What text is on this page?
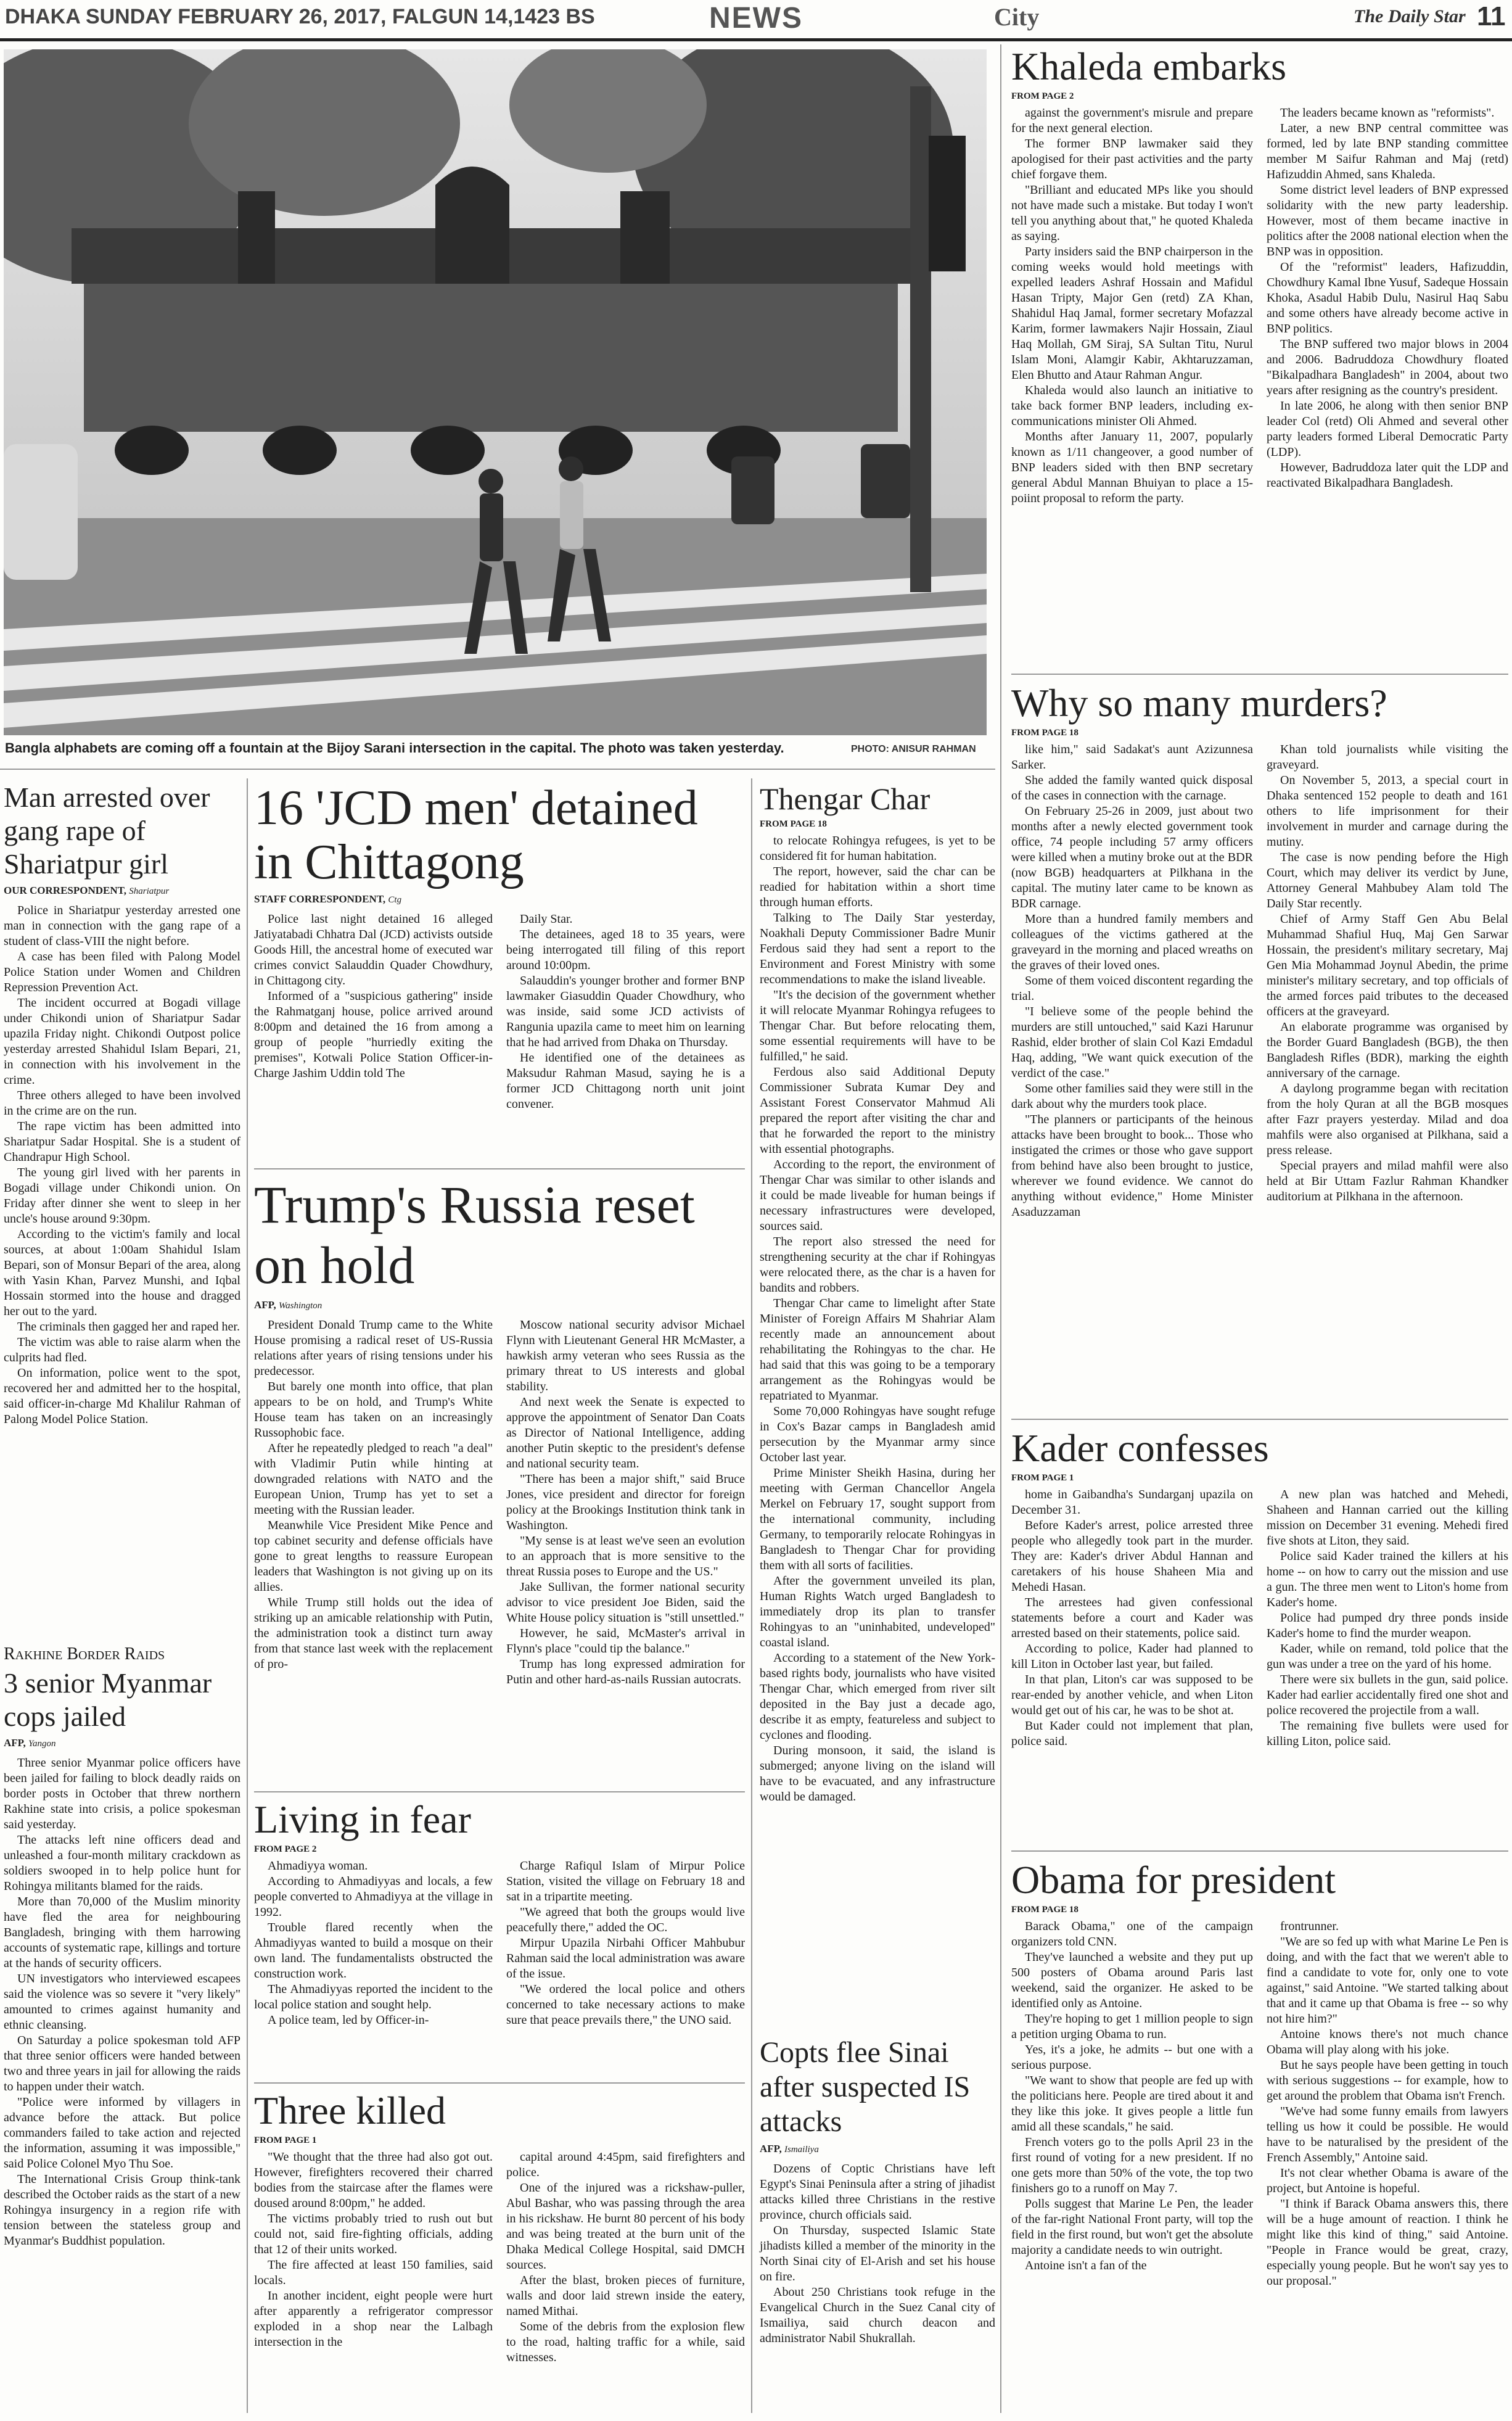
DHAKA SUNDAY FEBRUARY 26, 2017, FALGUN 14,1423 BS	NEWS	City	The Daily Star 11
Bangla alphabets are coming off a fountain at the Bijoy Sarani intersection in the capital. The photo was taken yesterday.	PHOTO: ANISUR RAHMAN
Khaleda embarks
FROM PAGE 2

against the government's misrule and prepare for the next general election.

The former BNP lawmaker said they apologised for their past activities and the party chief forgave them.

"Brilliant and educated MPs like you should not have made such a mistake. But today I won't tell you anything about that," he quoted Khaleda as saying.

Party insiders said the BNP chairperson in the coming weeks would hold meetings with expelled leaders Ashraf Hossain and Mafidul Hasan Tripty, Major Gen (retd) ZA Khan, Shahidul Haq Jamal, former secretary Mofazzal Karim, former lawmakers Najir Hossain, Ziaul Haq Mollah, GM Siraj, SA Sultan Titu, Nurul Islam Moni, Alamgir Kabir, Akhtaruzzaman, Elen Bhutto and Ataur Rahman Angur.

Khaleda would also launch an initiative to take back former BNP leaders, including ex-communications minister Oli Ahmed.

Months after January 11, 2007, popularly known as 1/11 changeover, a good number of BNP leaders sided with then BNP secretary general Abdul Mannan Bhuiyan to place a 15-poiint proposal to reform the party.

The leaders became known as "reformists".

Later, a new BNP central committee was formed, led by late BNP standing committee member M Saifur Rahman and Maj (retd) Hafizuddin Ahmed, sans Khaleda.

Some district level leaders of BNP expressed solidarity with the new party leadership. However, most of them became inactive in politics after the 2008 national election when the BNP was in opposition.

Of the "reformist" leaders, Hafizuddin, Chowdhury Kamal Ibne Yusuf, Sadeque Hossain Khoka, Asadul Habib Dulu, Nasirul Haq Sabu and some others have already become active in BNP politics.

The BNP suffered two major blows in 2004 and 2006. Badruddoza Chowdhury floated "Bikalpadhara Bangladesh" in 2004, about two years after resigning as the country's president.

In late 2006, he along with then senior BNP leader Col (retd) Oli Ahmed and several other party leaders formed Liberal Democratic Party (LDP).

However, Badruddoza later quit the LDP and reactivated Bikalpadhara Bangladesh.

Why so many murders?
FROM PAGE 18

like him," said Sadakat's aunt Azizunnesa Sarker.

She added the family wanted quick disposal of the cases in connection with the carnage.

On February 25-26 in 2009, just about two months after a newly elected government took office, 74 people including 57 army officers were killed when a mutiny broke out at the BDR (now BGB) headquarters at Pilkhana in the capital. The mutiny later came to be known as BDR carnage.

More than a hundred family members and colleagues of the victims gathered at the graveyard in the morning and placed wreaths on the graves of their loved ones.

Some of them voiced discontent regarding the trial.

"I believe some of the people behind the murders are still untouched," said Kazi Harunur Rashid, elder brother of slain Col Kazi Emdadul Haq, adding, "We want quick execution of the verdict of the case."

Some other families said they were still in the dark about why the murders took place.

"The planners or participants of the heinous attacks have been brought to book... Those who instigated the crimes or those who gave support from behind have also been brought to justice, wherever we found evidence. We cannot do anything without evidence," Home Minister Asaduzzaman

Khan told journalists while visiting the graveyard.

On November 5, 2013, a special court in Dhaka sentenced 152 people to death and 161 others to life imprisonment for their involvement in murder and carnage during the mutiny.

The case is now pending before the High Court, which may deliver its verdict by June, Attorney General Mahbubey Alam told The Daily Star recently.

Chief of Army Staff Gen Abu Belal Muhammad Shafiul Huq, Maj Gen Sarwar Hossain, the president's military secretary, Maj Gen Mia Mohammad Joynul Abedin, the prime minister's military secretary, and top officials of the armed forces paid tributes to the deceased officers at the graveyard.

An elaborate programme was organised by the Border Guard Bangladesh (BGB), the then Bangladesh Rifles (BDR), marking the eighth anniversary of the carnage.

A daylong programme began with recitation from the holy Quran at all the BGB mosques after Fazr prayers yesterday. Milad and doa mahfils were also organised at Pilkhana, said a press release.

Special prayers and milad mahfil were also held at Bir Uttam Fazlur Rahman Khandker auditorium at Pilkhana in the afternoon.

Kader confesses
FROM PAGE 1

home in Gaibandha's Sundarganj upazila on December 31.

Before Kader's arrest, police arrested three people who allegedly took part in the murder. They are: Kader's driver Abdul Hannan and caretakers of his house Shaheen Mia and Mehedi Hasan.

The arrestees had given confessional statements before a court and Kader was arrested based on their statements, police said.

According to police, Kader had planned to kill Liton in October last year, but failed.

In that plan, Liton's car was supposed to be rear-ended by another vehicle, and when Liton would get out of his car, he was to be shot at.

But Kader could not implement that plan, police said.

A new plan was hatched and Mehedi, Shaheen and Hannan carried out the killing mission on December 31 evening. Mehedi fired five shots at Liton, they said.

Police said Kader trained the killers at his home -- on how to carry out the mission and use a gun. The three men went to Liton's home from Kader's home.

Police had pumped dry three ponds inside Kader's home to find the murder weapon.

Kader, while on remand, told police that the gun was under a tree on the yard of his home.

There were six bullets in the gun, said police. Kader had earlier accidentally fired one shot and police recovered the projectile from a wall.

The remaining five bullets were used for killing Liton, police said.

Obama for president
FROM PAGE 18

Barack Obama," one of the campaign organizers told CNN.

They've launched a website and they put up 500 posters of Obama around Paris last weekend, said the organizer. He asked to be identified only as Antoine.

They're hoping to get 1 million people to sign a petition urging Obama to run.

Yes, it's a joke, he admits -- but one with a serious purpose.

"We want to show that people are fed up with the politicians here. People are tired about it and they like this joke. It gives people a little fun amid all these scandals," he said.

French voters go to the polls April 23 in the first round of voting for a new president. If no one gets more than 50% of the vote, the top two finishers go to a runoff on May 7.

Polls suggest that Marine Le Pen, the leader of the far-right National Front party, will top the field in the first round, but won't get the absolute majority a candidate needs to win outright.

Antoine isn't a fan of the

frontrunner.

"We are so fed up with what Marine Le Pen is doing, and with the fact that we weren't able to find a candidate to vote for, only one to vote against," said Antoine. "We started talking about that and it came up that Obama is free -- so why not hire him?"

Antoine knows there's not much chance Obama will play along with his joke.

But he says people have been getting in touch with serious suggestions -- for example, how to get around the problem that Obama isn't French.

"We've had some funny emails from lawyers telling us how it could be possible. He would have to be naturalised by the president of the French Assembly," Antoine said.

It's not clear whether Obama is aware of the project, but Antoine is hopeful.

"I think if Barack Obama answers this, there will be a huge amount of reaction. I think he might like this kind of thing," said Antoine. "People in France would be great, crazy, especially young people. But he won't say yes to our proposal."

Man arrested over gang rape of Shariatpur girl
OUR CORRESPONDENT, Shariatpur

Police in Shariatpur yesterday arrested one man in connection with the gang rape of a student of class-VIII the night before.

A case has been filed with Palong Model Police Station under Women and Children Repression Prevention Act.

The incident occurred at Bogadi village under Chikondi union of Shariatpur Sadar upazila Friday night. Chikondi Outpost police yesterday arrested Shahidul Islam Bepari, 21, in connection with his involvement in the crime.

Three others alleged to have been involved in the crime are on the run.

The rape victim has been admitted into Shariatpur Sadar Hospital. She is a student of Chandrapur High School.

The young girl lived with her parents in Bogadi village under Chikondi union. On Friday after dinner she went to sleep in her uncle's house around 9:30pm.

According to the victim's family and local sources, at about 1:00am Shahidul Islam Bepari, son of Monsur Bepari of the area, along with Yasin Khan, Parvez Munshi, and Iqbal Hossain stormed into the house and dragged her out to the yard.

The criminals then gagged her and raped her.

The victim was able to raise alarm when the culprits had fled.

On information, police went to the spot, recovered her and admitted her to the hospital, said officer-in-charge Md Khalilur Rahman of Palong Model Police Station.

Rakhine Border Raids
3 senior Myanmar cops jailed
AFP, Yangon

Three senior Myanmar police officers have been jailed for failing to block deadly raids on border posts in October that threw northern Rakhine state into crisis, a police spokesman said yesterday.

The attacks left nine officers dead and unleashed a four-month military crackdown as soldiers swooped in to help police hunt for Rohingya militants blamed for the raids.

More than 70,000 of the Muslim minority have fled the area for neighbouring Bangladesh, bringing with them harrowing accounts of systematic rape, killings and torture at the hands of security officers.

UN investigators who interviewed escapees said the violence was so severe it "very likely" amounted to crimes against humanity and ethnic cleansing.

On Saturday a police spokesman told AFP that three senior officers were handed between two and three years in jail for allowing the raids to happen under their watch.

"Police were informed by villagers in advance before the attack. But police commanders failed to take action and rejected the information, assuming it was impossible," said Police Colonel Myo Thu Soe.

The International Crisis Group think-tank described the October raids as the start of a new Rohingya insurgency in a region rife with tension between the stateless group and Myanmar's Buddhist population.

16 'JCD men' detained in Chittagong
STAFF CORRESPONDENT, Ctg

Police last night detained 16 alleged Jatiyatabadi Chhatra Dal (JCD) activists outside Goods Hill, the ancestral home of executed war crimes convict Salauddin Quader Chowdhury, in Chittagong city.

Informed of a "suspicious gathering" inside the Rahmatganj house, police arrived around 8:00pm and detained the 16 from among a group of people "hurriedly exiting the premises", Kotwali Police Station Officer-in-Charge Jashim Uddin told The

Daily Star.

The detainees, aged 18 to 35 years, were being interrogated till filing of this report around 10:00pm.

Salauddin's younger brother and former BNP lawmaker Giasuddin Quader Chowdhury, who was inside, said some JCD activists of Rangunia upazila came to meet him on learning that he had arrived from Dhaka on Thursday.

He identified one of the detainees as Maksudur Rahman Masud, saying he is a former JCD Chittagong north unit joint convener.

Trump's Russia reset on hold
AFP, Washington

President Donald Trump came to the White House promising a radical reset of US-Russia relations after years of rising tensions under his predecessor.

But barely one month into office, that plan appears to be on hold, and Trump's White House team has taken on an increasingly Russophobic face.

After he repeatedly pledged to reach "a deal" with Vladimir Putin while hinting at downgraded relations with NATO and the European Union, Trump has yet to set a meeting with the Russian leader.

Meanwhile Vice President Mike Pence and top cabinet security and defense officials have gone to great lengths to reassure European leaders that Washington is not giving up on its allies.

While Trump still holds out the idea of striking up an amicable relationship with Putin, the administration took a distinct turn away from that stance last week with the replacement of pro-

Moscow national security advisor Michael Flynn with Lieutenant General HR McMaster, a hawkish army veteran who sees Russia as the primary threat to US interests and global stability.

And next week the Senate is expected to approve the appointment of Senator Dan Coats as Director of National Intelligence, adding another Putin skeptic to the president's defense and national security team.

"There has been a major shift," said Bruce Jones, vice president and director for foreign policy at the Brookings Institution think tank in Washington.

"My sense is at least we've seen an evolution to an approach that is more sensitive to the threat Russia poses to Europe and the US."

Jake Sullivan, the former national security advisor to vice president Joe Biden, said the White House policy situation is "still unsettled."

However, he said, McMaster's arrival in Flynn's place "could tip the balance."

Trump has long expressed admiration for Putin and other hard-as-nails Russian autocrats.

Living in fear
FROM PAGE 2

Ahmadiyya woman.

According to Ahmadiyyas and locals, a few people converted to Ahmadiyya at the village in 1992.

Trouble flared recently when the Ahmadiyyas wanted to build a mosque on their own land. The fundamentalists obstructed the construction work.

The Ahmadiyyas reported the incident to the local police station and sought help.

A police team, led by Officer-in-

Charge Rafiqul Islam of Mirpur Police Station, visited the village on February 18 and sat in a tripartite meeting.

"We agreed that both the groups would live peacefully there," added the OC.

Mirpur Upazila Nirbahi Officer Mahbubur Rahman said the local administration was aware of the issue.

"We ordered the local police and others concerned to take necessary actions to make sure that peace prevails there," the UNO said.

Three killed
FROM PAGE 1

"We thought that the three had also got out. However, firefighters recovered their charred bodies from the staircase after the flames were doused around 8:00pm," he added.

The victims probably tried to rush out but could not, said fire-fighting officials, adding that 12 of their units worked.

The fire affected at least 150 families, said locals.

In another incident, eight people were hurt after apparently a refrigerator compressor exploded in a shop near the Lalbagh intersection in the

capital around 4:45pm, said firefighters and police.

One of the injured was a rickshaw-puller, Abul Bashar, who was passing through the area in his rickshaw. He burnt 80 percent of his body and was being treated at the burn unit of the Dhaka Medical College Hospital, said DMCH sources.

After the blast, broken pieces of furniture, walls and door laid strewn inside the eatery, named Mithai.

Some of the debris from the explosion flew to the road, halting traffic for a while, said witnesses.

Thengar Char
FROM PAGE 18

to relocate Rohingya refugees, is yet to be considered fit for human habitation.

The report, however, said the char can be readied for habitation within a short time through human efforts.

Talking to The Daily Star yesterday, Noakhali Deputy Commissioner Badre Munir Ferdous said they had sent a report to the Environment and Forest Ministry with some recommendations to make the island liveable.

"It's the decision of the government whether it will relocate Myanmar Rohingya refugees to Thengar Char. But before relocating them, some essential requirements will have to be fulfilled," he said.

Ferdous also said Additional Deputy Commissioner Subrata Kumar Dey and Assistant Forest Conservator Mahmud Ali prepared the report after visiting the char and that he forwarded the report to the ministry with essential photographs.

According to the report, the environment of Thengar Char was similar to other islands and it could be made liveable for human beings if necessary infrastructures were developed, sources said.

The report also stressed the need for strengthening security at the char if Rohingyas were relocated there, as the char is a haven for bandits and robbers.

Thengar Char came to limelight after State Minister of Foreign Affairs M Shahriar Alam recently made an announcement about rehabilitating the Rohingyas to the char. He had said that this was going to be a temporary arrangement as the Rohingyas would be repatriated to Myanmar.

Some 70,000 Rohingyas have sought refuge in Cox's Bazar camps in Bangladesh amid persecution by the Myanmar army since October last year.

Prime Minister Sheikh Hasina, during her meeting with German Chancellor Angela Merkel on February 17, sought support from the international community, including Germany, to temporarily relocate Rohingyas in Bangladesh to Thengar Char for providing them with all sorts of facilities.

After the government unveiled its plan, Human Rights Watch urged Bangladesh to immediately drop its plan to transfer Rohingyas to an "uninhabited, undeveloped" coastal island.

According to a statement of the New York-based rights body, journalists who have visited Thengar Char, which emerged from river silt deposited in the Bay just a decade ago, describe it as empty, featureless and subject to cyclones and flooding.

During monsoon, it said, the island is submerged; anyone living on the island will have to be evacuated, and any infrastructure would be damaged.

Copts flee Sinai after suspected IS attacks
AFP, Ismailiya

Dozens of Coptic Christians have left Egypt's Sinai Peninsula after a string of jihadist attacks killed three Christians in the restive province, church officials said.

On Thursday, suspected Islamic State jihadists killed a member of the minority in the North Sinai city of El-Arish and set his house on fire.

About 250 Christians took refuge in the Evangelical Church in the Suez Canal city of Ismailiya, said church deacon and administrator Nabil Shukrallah.
